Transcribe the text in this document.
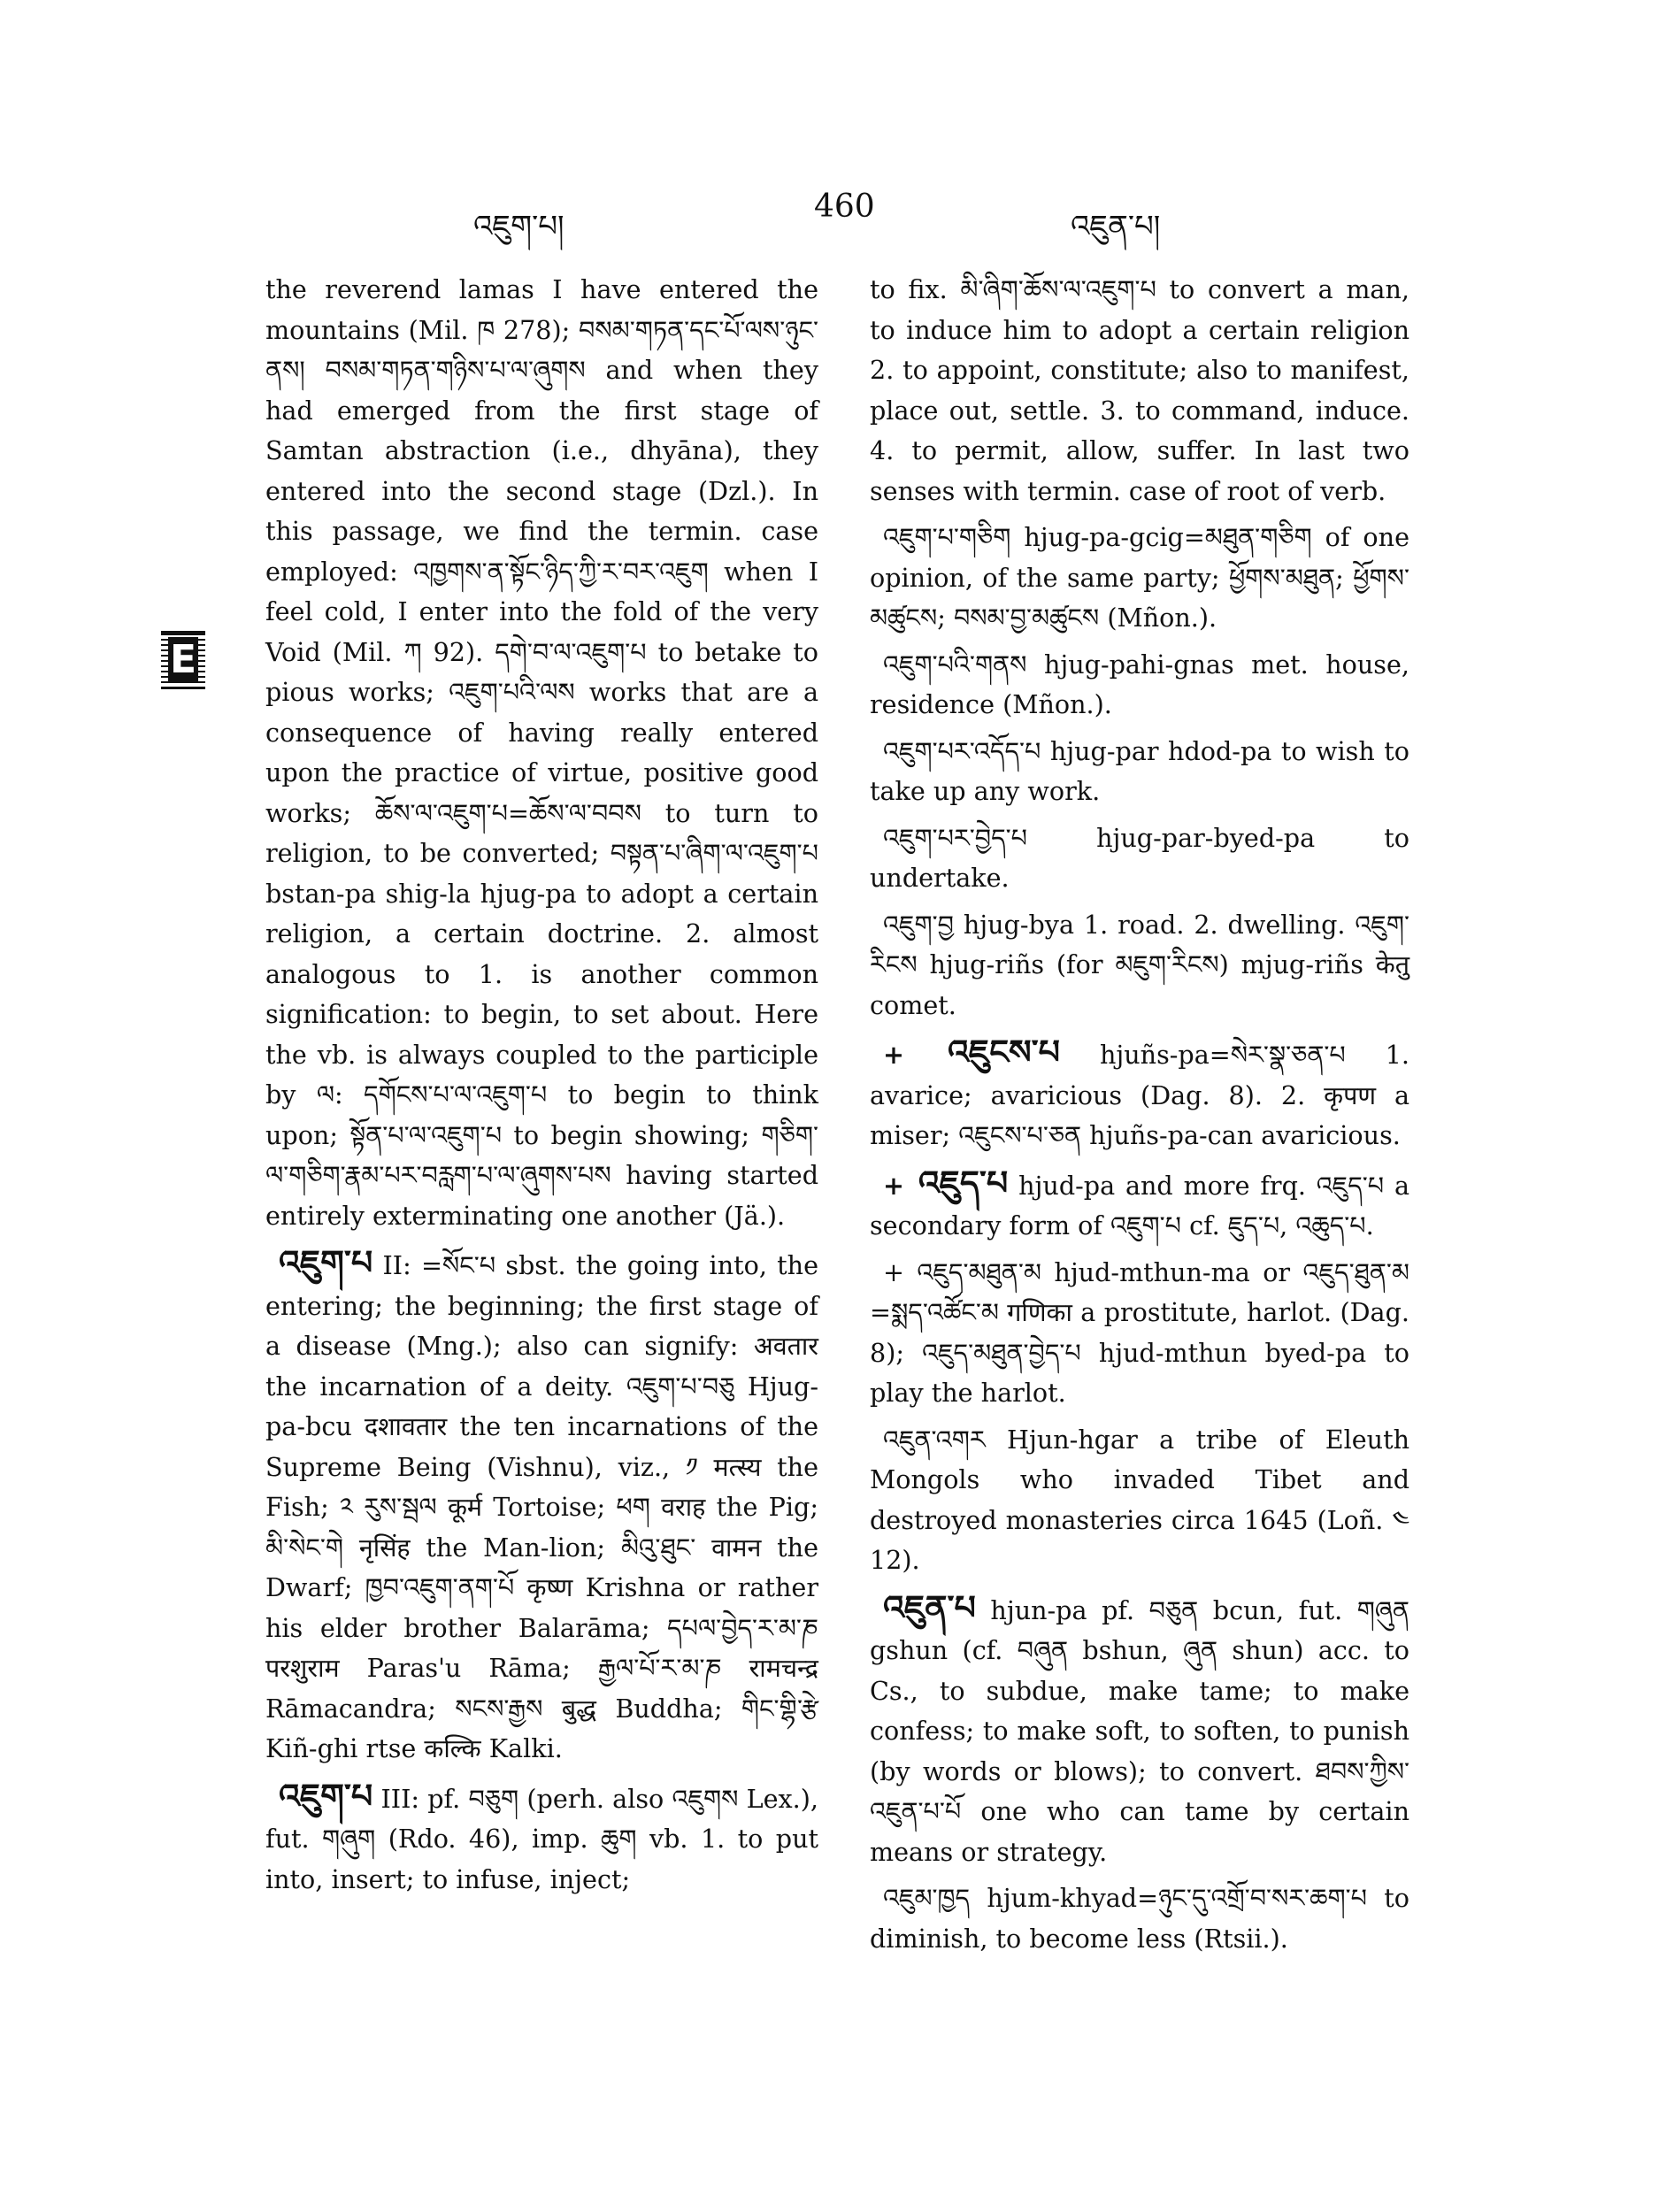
འཇུག་པ།
460
འཇུན་པ།
E

the reverend lamas I have entered the mountains (Mil. ཁ 278); བསམ་གཏན་དང་པོ་ལས་ཉུང་ནས། བསམ་གཏན་གཉིས་པ་ལ་ཞུགས and when they had emerged from the first stage of Samtan abstraction (i.e., dhyāna), they entered into the second stage (Dzl.). In this passage, we find the termin. case employed: འཁྱགས་ན་སྟོང་ཉིད་ཀྱི་ར་བར་འཇུག when I feel cold, I enter into the fold of the very Void (Mil. ཀ 92). དགེ་བ་ལ་འཇུག་པ to betake to pious works; འཇུག་པའི་ལས works that are a consequence of having really entered upon the practice of virtue, positive good works; ཆོས་ལ་འཇུག་པ=ཆོས་ལ་བབས to turn to religion, to be converted; བསྟན་པ་ཞིག་ལ་འཇུག་པ bstan-pa shig-la hjug-pa to adopt a certain religion, a certain doctrine. 2. almost analogous to 1. is another common signification: to begin, to set about. Here the vb. is always coupled to the participle by ལ: དགོངས་པ་ལ་འཇུག་པ to begin to think upon; སྟོན་པ་ལ་འཇུག་པ to begin showing; གཅིག་ལ་གཅིག་རྣམ་པར་བརླག་པ་ལ་ཞུགས་པས having started entirely exterminating one another (Jä.).

འཇུག་པ II: =སོང་པ sbst. the going into, the entering; the beginning; the first stage of a disease (Mng.); also can signify: अवतार the incarnation of a deity. འཇུག་པ་བཅུ Hjug-pa-bcu दशावतार the ten incarnations of the Supreme Being (Vishnu), viz., ༡ मत्स्य the Fish; ༢ རུས་སྦལ कूर्म Tortoise; ཕག वराह the Pig; མི་སེང་གེ नृसिंह the Man-lion; མིའུ་ཐུང་ वामन the Dwarf; ཁྱབ་འཇུག་ནག་པོ कृष्ण Krishna or rather his elder brother Balarāma; དཔལ་བྱེད་ར་མ་ཎ परशुराम Paras'u Rāma; རྒྱལ་པོ་ར་མ་ཎ रामचन्द्र Rāmacandra; སངས་རྒྱས बुद्ध Buddha; གིང་གྷི་རྩེ Kiñ-ghi rtse कल्कि Kalki.

འཇུག་པ III: pf. བཅུག (perh. also འཇུགས Lex.), fut. གཞུག (Rdo. 46), imp. ཆུག vb. 1. to put into, insert; to infuse, inject;

to fix. མི་ཞིག་ཆོས་ལ་འཇུག་པ to convert a man, to induce him to adopt a certain religion 2. to appoint, constitute; also to manifest, place out, settle. 3. to command, induce. 4. to permit, allow, suffer. In last two senses with termin. case of root of verb.

འཇུག་པ་གཅིག hjug-pa-gcig=མཐུན་གཅིག of one opinion, of the same party; ཕྱོགས་མཐུན; ཕྱོགས་མཚུངས; བསམ་བྱ་མཚུངས (Mñon.).

འཇུག་པའི་གནས hjug-pahi-gnas met. house, residence (Mñon.).

འཇུག་པར་འདོད་པ hjug-par hdod-pa to wish to take up any work.

འཇུག་པར་བྱེད་པ hjug-par-byed-pa to undertake.

འཇུག་བྱ hjug-bya 1. road. 2. dwelling. འཇུག་རིངས hjug-riñs (for མཇུག་རིངས) mjug-riñs केतु comet.

+ འཇུངས་པ hjuñs-pa=སེར་སྣ་ཅན་པ 1. avarice; avaricious (Dag. 8). 2. कृपण a miser; འཇུངས་པ་ཅན hjuñs-pa-can avaricious.

+ འཇུད་པ hjud-pa and more frq. འཇུད་པ a secondary form of འཇུག་པ cf. ཇུད་པ, འཆུད་པ.

+ འཇུད་མཐུན་མ hjud-mthun-ma or འཇུད་ཐུན་མ =སྨད་འཚོང་མ गणिका a prostitute, harlot. (Dag. 8); འཇུད་མཐུན་བྱེད་པ hjud-mthun byed-pa to play the harlot.

འཇུན་འགར Hjun-hgar a tribe of Eleuth Mongols who invaded Tibet and destroyed monasteries circa 1645 (Loñ. ༤ 12).

འཇུན་པ hjun-pa pf. བཅུན bcun, fut. གཞུན gshun (cf. བཞུན bshun, ཞུན shun) acc. to Cs., to subdue, make tame; to make confess; to make soft, to soften, to punish (by words or blows); to convert. ཐབས་ཀྱིས་འཇུན་པ་པོ one who can tame by certain means or strategy.

འཇུམ་ཁྱད hjum-khyad=ཉུང་དུ་འགྲོ་བ་སར་ཆག་པ to diminish, to become less (Rtsii.).
